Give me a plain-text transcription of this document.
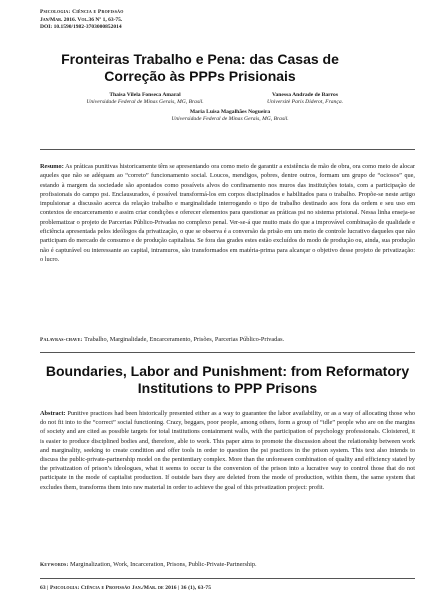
Psicologia: Ciência e Profissão
Jan/Mar. 2016. Vol.36 Nº 1, 63-75.
DOI: 10.1590/1982-3703000852014
Fronteiras Trabalho e Pena: das Casas de Correção às PPPs Prisionais
Thaisa Vilela Fonseca Amaral
Universidade Federal de Minas Gerais, MG, Brasil.
Vanessa Andrade de Barros
Universitè Paris Diderot, França.
Maria Luisa Magalhães Nogueira
Universidade Federal de Minas Gerais, MG, Brasil.

Resumo: As práticas punitivas historicamente têm se apresentando ora como meio de garantir a existência de mão de obra, ora como meio de alocar aqueles que não se adéquam ao “correto” funcionamento social. Loucos, mendigos, pobres, dentre outros, formam um grupo de “ociosos” que, estando à margem da sociedade são apontados como possíveis alvos do confinamento nos muros das instituições totais, com a participação de profissionais do campo psi. Enclausurados, é possível transformá-los em corpos disciplinados e habilitados para o trabalho. Propõe-se neste artigo impulsionar a discussão acerca da relação trabalho e marginalidade interrogando o tipo de trabalho destinado aos fora da ordem e seu uso em contextos de encarceramento e assim criar condições e oferecer elementos para questionar as práticas psi no sistema prisional. Nessa linha enseja-se problematizar o projeto de Parcerias Público-Privadas no complexo penal. Ver-se-á que muito mais do que a improvável combinação de qualidade e eficiência apresentada pelos ideólogos da privatização, o que se observa é a conversão da prisão em um meio de controle lucrativo daqueles que não participam do mercado de consumo e de produção capitalista. Se fora das grades estes estão excluídos do modo de produção ou, ainda, sua produção não é capturável ou interessante ao capital, intramuros, são transformados em matéria-prima para alcançar o objetivo desse projeto de privatização: o lucro.

Palavras-chave: Trabalho, Marginalidade, Encarceramento, Prisões, Parcerias Público-Privadas.

Boundaries, Labor and Punishment: from Reformatory Institutions to PPP Prisons

Abstract: Punitive practices had been historically presented either as a way to guarantee the labor availability, or as a way of allocating those who do not fit into to the “correct” social functioning. Crazy, beggars, poor people, among others, form a group of “idle” people who are on the margins of society and are cited as possible targets for total institutions containment walls, with the participation of psychology professionals. Cloistered, it is easier to produce disciplined bodies and, therefore, able to work. This paper aims to promote the discussion about the relationship between work and marginality, seeking to create condition and offer tools in order to question the psi practices in the prison system. This text also intends to discuss the public-private-partnership model on the penitentiary complex. More than the unforeseen combination of quality and efficiency stated by the privatization of prison’s ideologues, what it seems to occur is the conversion of the prison into a lucrative way to control those that do not participate in the mode of capitalist production. If outside bars they are deleted from the mode of production, within them, the same system that excludes them, transforms them into raw material in order to achieve the goal of this privatization project: profit.

Keywords: Marginalization, Work, Incarceration, Prisons, Public-Private-Partnership.

63 | Psicologia: Ciência e Profissão Jan./Mar. de 2016 | 36 (1), 63-75
